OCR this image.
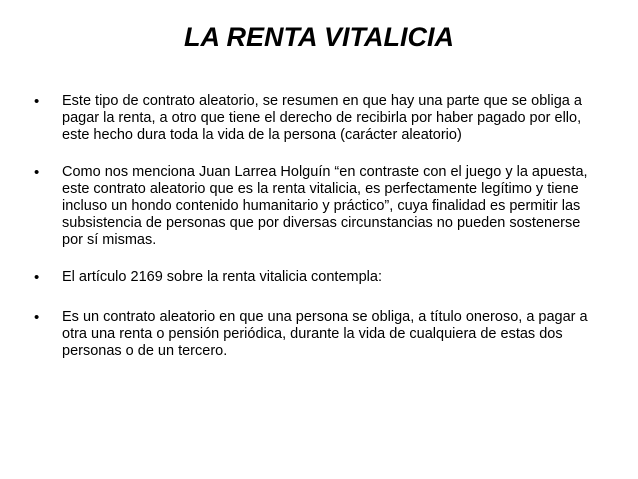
LA RENTA VITALICIA
• Este tipo de contrato aleatorio, se resumen en que hay una parte que se obliga a pagar la renta, a otro que tiene el derecho de recibirla por haber pagado por ello, este hecho dura toda la vida de la persona (carácter aleatorio)
• Como nos menciona Juan Larrea Holguín “en contraste con el juego y la apuesta, este contrato aleatorio que es la renta vitalicia, es perfectamente legítimo y tiene incluso un hondo contenido humanitario y práctico”, cuya finalidad es permitir las subsistencia de personas que por diversas circunstancias no pueden sostenerse por sí mismas.
• El artículo 2169 sobre la renta vitalicia contempla:
• Es un contrato aleatorio en que una persona se obliga, a título oneroso, a pagar a otra una renta o pensión periódica, durante la vida de cualquiera de estas dos personas o de un tercero.
